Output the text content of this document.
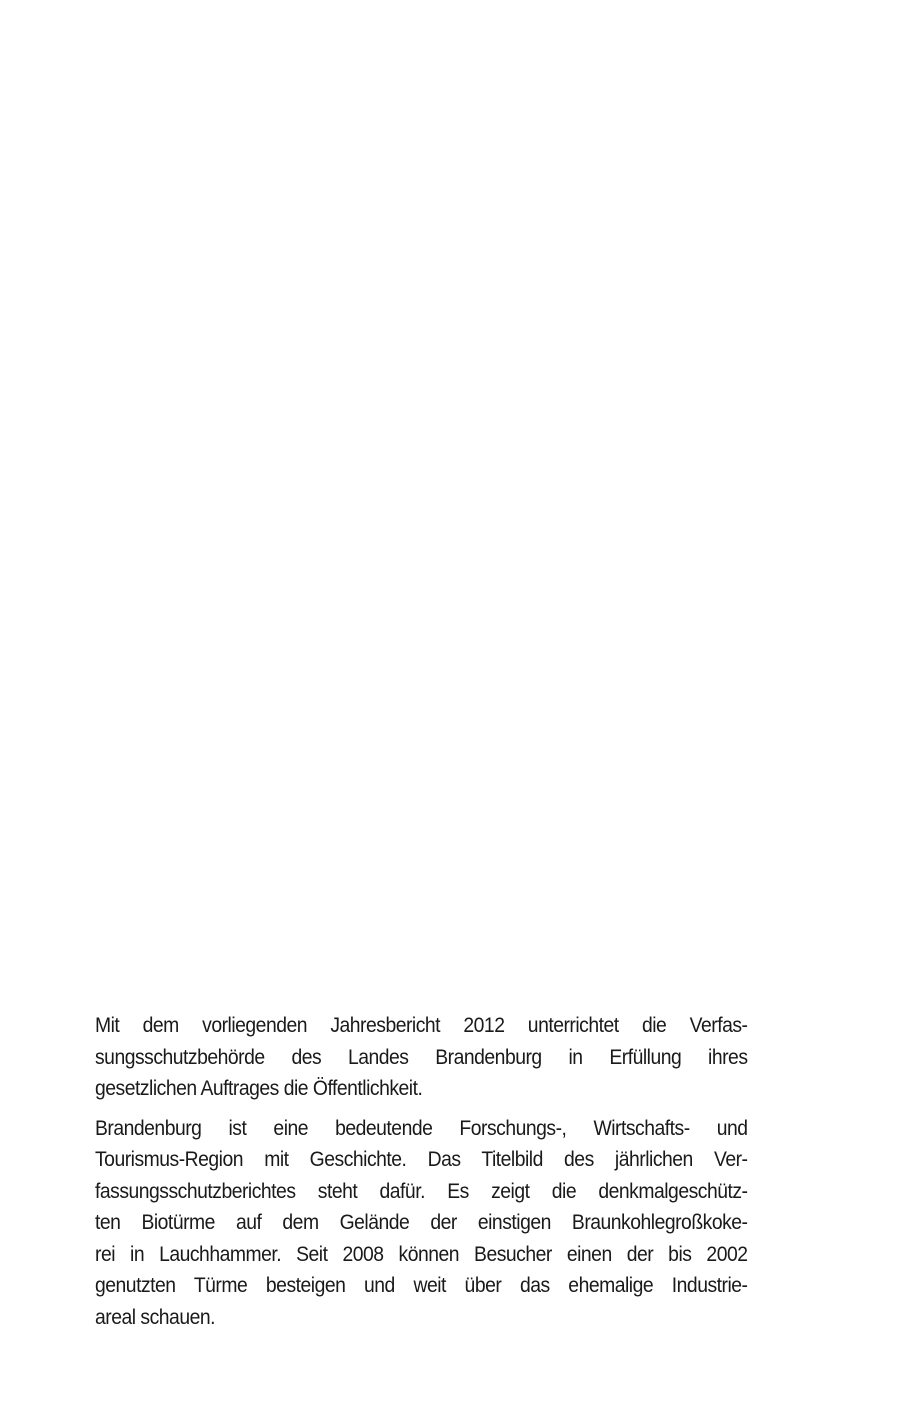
Mit dem vorliegenden Jahresbericht 2012 unterrichtet die Verfas-
sungsschutzbehörde des Landes Brandenburg in Erfüllung ihres
gesetzlichen Auftrages die Öffentlichkeit.
Brandenburg ist eine bedeutende Forschungs-, Wirtschafts- und
Tourismus-Region mit Geschichte. Das Titelbild des jährlichen Ver-
fassungsschutzberichtes steht dafür. Es zeigt die denkmalgeschütz-
ten Biotürme auf dem Gelände der einstigen Braunkohlegroßkoke-
rei in Lauchhammer. Seit 2008 können Besucher einen der bis 2002
genutzten Türme besteigen und weit über das ehemalige Industrie-
areal schauen.
